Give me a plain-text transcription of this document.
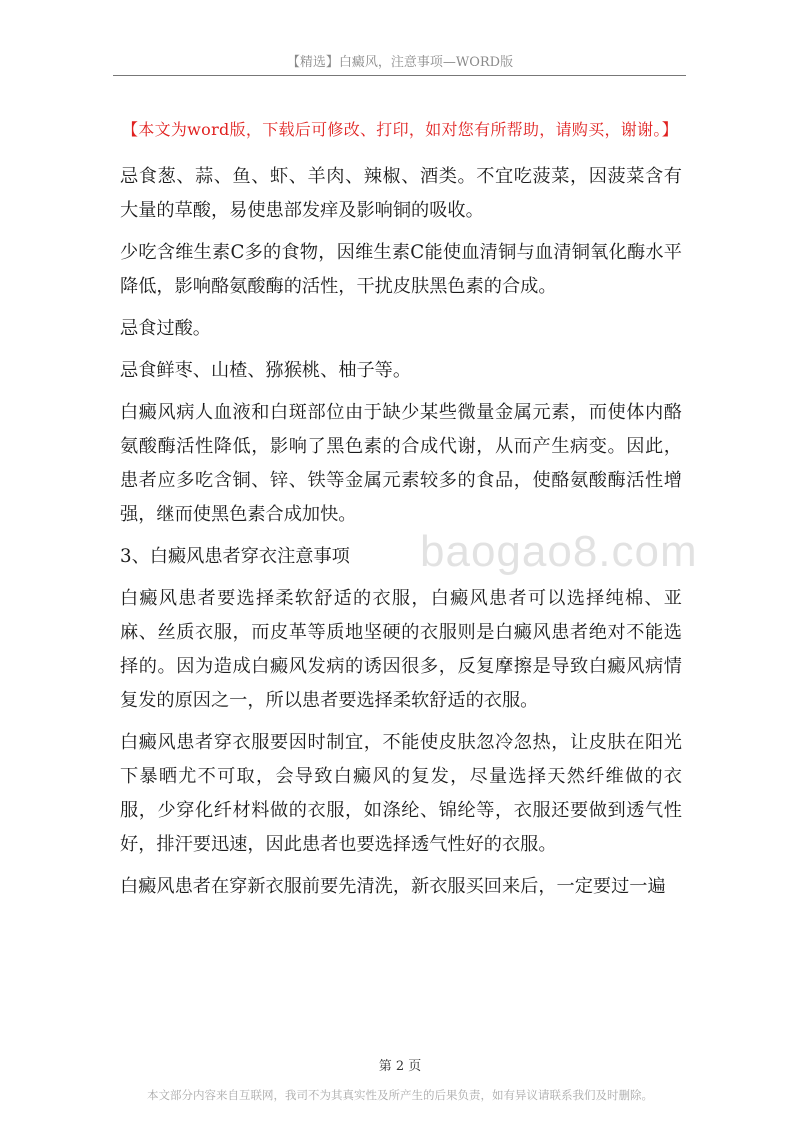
【精选】白癜风，注意事项—WORD版
【本文为word版，下载后可修改、打印，如对您有所帮助，请购买，谢谢。】

忌食葱、蒜、鱼、虾、羊肉、辣椒、酒类。不宜吃菠菜，因菠菜含有大量的草酸，易使患部发痒及影响铜的吸收。

少吃含维生素C多的食物，因维生素C能使血清铜与血清铜氧化酶水平降低，影响酪氨酸酶的活性，干扰皮肤黑色素的合成。

忌食过酸。

忌食鲜枣、山楂、猕猴桃、柚子等。

白癜风病人血液和白斑部位由于缺少某些微量金属元素，而使体内酪氨酸酶活性降低，影响了黑色素的合成代谢，从而产生病变。因此，患者应多吃含铜、锌、铁等金属元素较多的食品，使酪氨酸酶活性增强，继而使黑色素合成加快。

3、白癜风患者穿衣注意事项

白癜风患者要选择柔软舒适的衣服，白癜风患者可以选择纯棉、亚麻、丝质衣服，而皮革等质地坚硬的衣服则是白癜风患者绝对不能选择的。因为造成白癜风发病的诱因很多，反复摩擦是导致白癜风病情复发的原因之一，所以患者要选择柔软舒适的衣服。

白癜风患者穿衣服要因时制宜，不能使皮肤忽冷忽热，让皮肤在阳光下暴晒尤不可取，会导致白癜风的复发，尽量选择天然纤维做的衣服，少穿化纤材料做的衣服，如涤纶、锦纶等，衣服还要做到透气性好，排汗要迅速，因此患者也要选择透气性好的衣服。

白癜风患者在穿新衣服前要先清洗，新衣服买回来后，一定要过一遍

baogao8.com
第 2 页
本文部分内容来自互联网，我司不为其真实性及所产生的后果负责，如有异议请联系我们及时删除。
